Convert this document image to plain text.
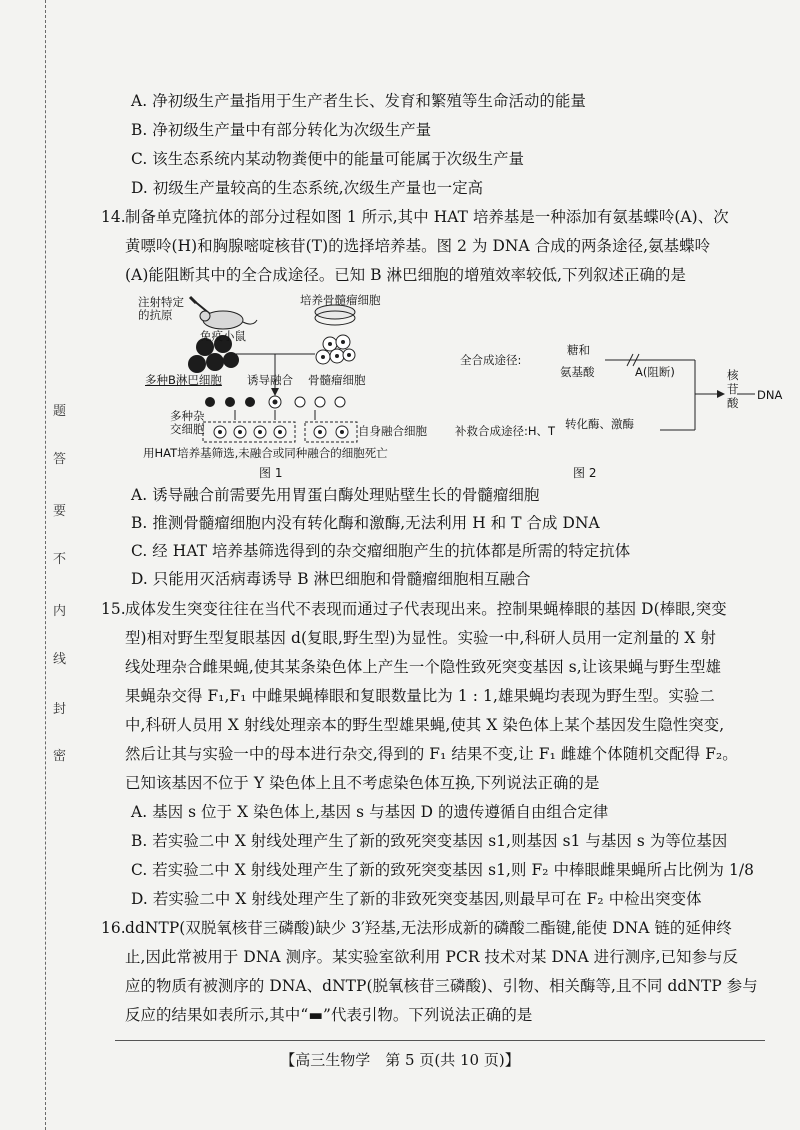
题
答
要
不
内
线
封
密
A. 净初级生产量指用于生产者生长、发育和繁殖等生命活动的能量
B. 净初级生产量中有部分转化为次级生产量
C. 该生态系统内某动物粪便中的能量可能属于次级生产量
D. 初级生产量较高的生态系统,次级生产量也一定高
14. 制备单克隆抗体的部分过程如图 1 所示,其中 HAT 培养基是一种添加有氨基蝶呤(A)、次
黄嘌呤(H)和胸腺嘧啶核苷(T)的选择培养基。图 2 为 DNA 合成的两条途径,氨基蝶呤
(A)能阻断其中的全合成途径。已知 B 淋巴细胞的增殖效率较低,下列叙述正确的是
注射特定
的抗原
免疫小鼠
培养骨髓瘤细胞
多种B淋巴细胞 诱导融合 骨髓瘤细胞
多种杂
交细胞	自身融合细胞
用HAT培养基筛选,未融合或同种融合的细胞死亡
图 1
全合成途径:
糖和
氨基酸	A(阻断)
补救合成途径:H、T 转化酶、激酶
核
苷
酸
DNA
图 2
A. 诱导融合前需要先用胃蛋白酶处理贴壁生长的骨髓瘤细胞
B. 推测骨髓瘤细胞内没有转化酶和激酶,无法利用 H 和 T 合成 DNA
C. 经 HAT 培养基筛选得到的杂交瘤细胞产生的抗体都是所需的特定抗体
D. 只能用灭活病毒诱导 B 淋巴细胞和骨髓瘤细胞相互融合
15. 成体发生突变往往在当代不表现而通过子代表现出来。控制果蝇棒眼的基因 D(棒眼,突变
型)相对野生型复眼基因 d(复眼,野生型)为显性。实验一中,科研人员用一定剂量的 X 射
线处理杂合雌果蝇,使其某条染色体上产生一个隐性致死突变基因 s,让该果蝇与野生型雄
果蝇杂交得 F₁,F₁ 中雌果蝇棒眼和复眼数量比为 1 : 1,雄果蝇均表现为野生型。实验二
中,科研人员用 X 射线处理亲本的野生型雄果蝇,使其 X 染色体上某个基因发生隐性突变,
然后让其与实验一中的母本进行杂交,得到的 F₁ 结果不变,让 F₁ 雌雄个体随机交配得 F₂。
已知该基因不位于 Y 染色体上且不考虑染色体互换,下列说法正确的是
A. 基因 s 位于 X 染色体上,基因 s 与基因 D 的遗传遵循自由组合定律
B. 若实验二中 X 射线处理产生了新的致死突变基因 s1,则基因 s1 与基因 s 为等位基因
C. 若实验二中 X 射线处理产生了新的致死突变基因 s1,则 F₂ 中棒眼雌果蝇所占比例为 1/8
D. 若实验二中 X 射线处理产生了新的非致死突变基因,则最早可在 F₂ 中检出突变体
16. ddNTP(双脱氧核苷三磷酸)缺少 3′羟基,无法形成新的磷酸二酯键,能使 DNA 链的延伸终
止,因此常被用于 DNA 测序。某实验室欲利用 PCR 技术对某 DNA 进行测序,已知参与反
应的物质有被测序的 DNA、dNTP(脱氧核苷三磷酸)、引物、相关酶等,且不同 ddNTP 参与
反应的结果如表所示,其中“▬”代表引物。下列说法正确的是
【高三生物学　第 5 页(共 10 页)】
